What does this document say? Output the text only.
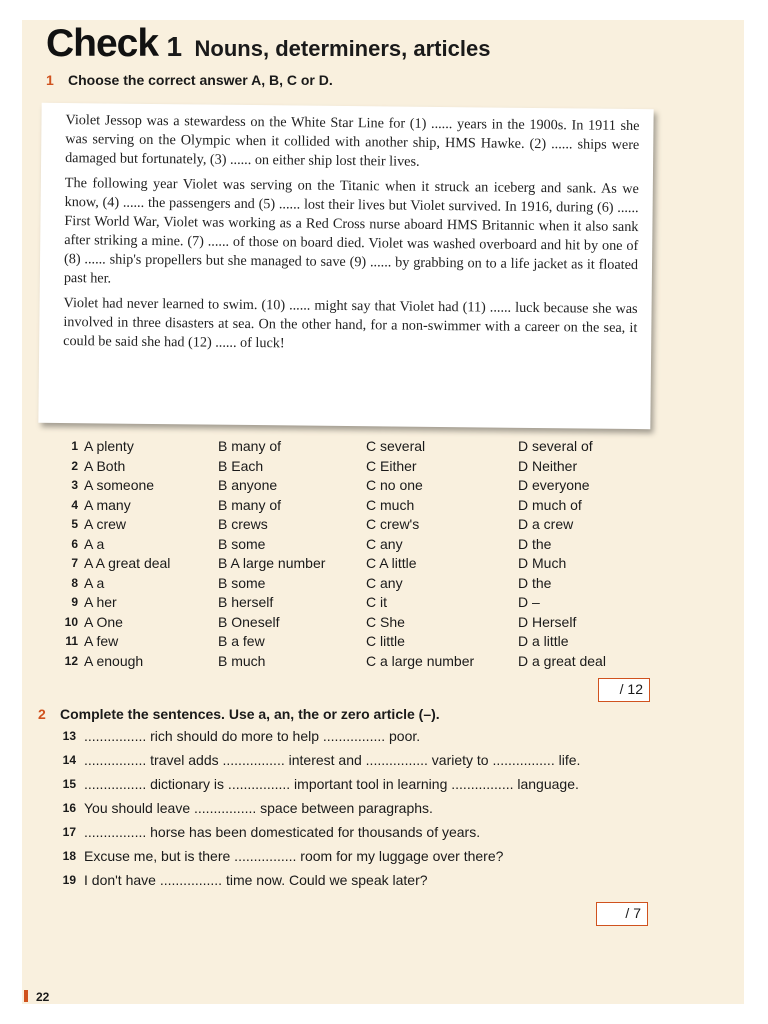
Check 1 Nouns, determiners, articles
1 Choose the correct answer A, B, C or D.

Violet Jessop was a stewardess on the White Star Line for (1) ...... years in the 1900s. In 1911 she was serving on the Olympic when it collided with another ship, HMS Hawke. (2) ...... ships were damaged but fortunately, (3) ...... on either ship lost their lives.

The following year Violet was serving on the Titanic when it struck an iceberg and sank. As we know, (4) ...... the passengers and (5) ...... lost their lives but Violet survived. In 1916, during (6) ...... First World War, Violet was working as a Red Cross nurse aboard HMS Britannic when it also sank after striking a mine. (7) ...... of those on board died. Violet was washed overboard and hit by one of (8) ...... ship's propellers but she managed to save (9) ...... by grabbing on to a life jacket as it floated past her.

Violet had never learned to swim. (10) ...... might say that Violet had (11) ...... luck because she was involved in three disasters at sea. On the other hand, for a non-swimmer with a career on the sea, it could be said she had (12) ...... of luck!

1 A plenty	B many of	C several	D several of
2 A Both	B Each	C Either	D Neither
3 A someone	B anyone	C no one	D everyone
4 A many	B many of	C much	D much of
5 A crew	B crews	C crew's	D a crew
6 A a	B some	C any	D the
7 A A great deal	B A large number	C A little	D Much
8 A a	B some	C any	D the
9 A her	B herself	C it	D –
10 A One	B Oneself	C She	D Herself
11 A few	B a few	C little	D a little
12 A enough	B much	C a large number	D a great deal
/ 12
2 Complete the sentences. Use a, an, the or zero article (–).
13 ................ rich should do more to help ................ poor.
14 ................ travel adds ................ interest and ................ variety to ................ life.
15 ................ dictionary is ................ important tool in learning ................ language.
16 You should leave ................ space between paragraphs.
17 ................ horse has been domesticated for thousands of years.
18 Excuse me, but is there ................ room for my luggage over there?
19 I don't have ................ time now. Could we speak later?
/ 7
22
